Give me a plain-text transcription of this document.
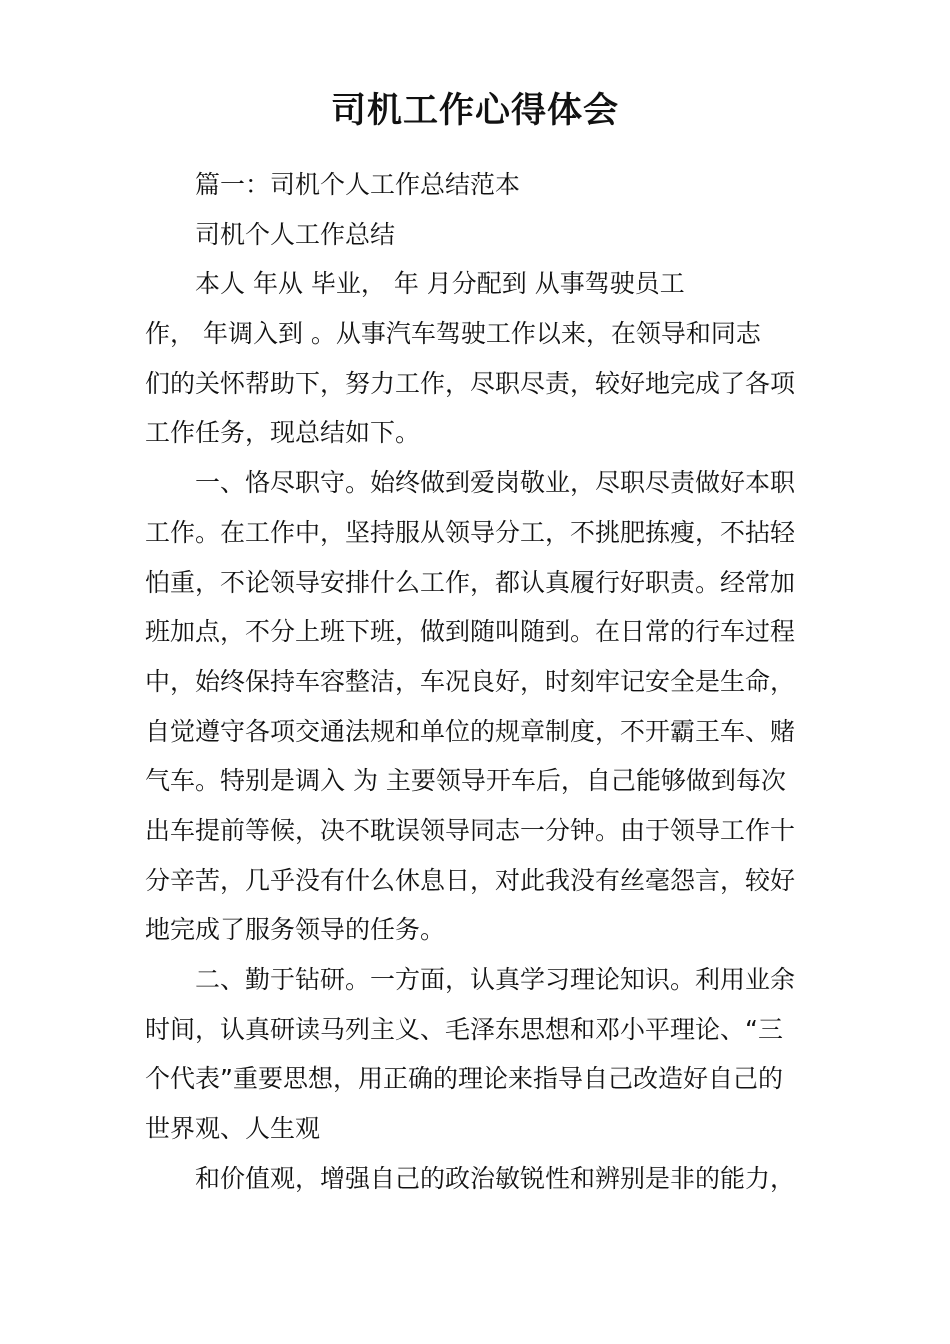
司机工作心得体会
篇一：司机个人工作总结范本
司机个人工作总结
本人 年从 毕业， 年 月分配到 从事驾驶员工
作， 年调入到 。从事汽车驾驶工作以来，在领导和同志
们的关怀帮助下，努力工作，尽职尽责，较好地完成了各项
工作任务，现总结如下。
一、恪尽职守。始终做到爱岗敬业，尽职尽责做好本职
工作。在工作中，坚持服从领导分工，不挑肥拣瘦，不拈轻
怕重，不论领导安排什么工作，都认真履行好职责。经常加
班加点，不分上班下班，做到随叫随到。在日常的行车过程
中，始终保持车容整洁，车况良好，时刻牢记安全是生命，
自觉遵守各项交通法规和单位的规章制度，不开霸王车、赌
气车。特别是调入 为 主要领导开车后，自己能够做到每次
出车提前等候，决不耽误领导同志一分钟。由于领导工作十
分辛苦，几乎没有什么休息日，对此我没有丝毫怨言，较好
地完成了服务领导的任务。
二、勤于钻研。一方面，认真学习理论知识。利用业余
时间，认真研读马列主义、毛泽东思想和邓小平理论、“三
个代表”重要思想，用正确的理论来指导自己改造好自己的
世界观、人生观
和价值观，增强自己的政治敏锐性和辨别是非的能力，
